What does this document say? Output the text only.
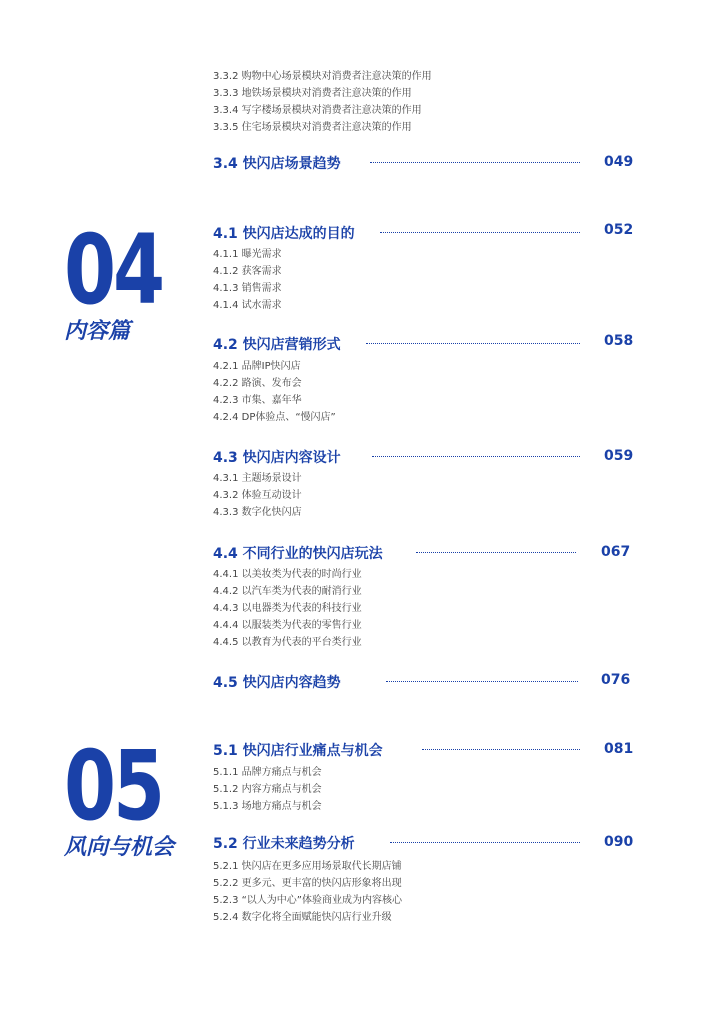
3.3.2 购物中心场景模块对消费者注意决策的作用
3.3.3 地铁场景模块对消费者注意决策的作用
3.3.4 写字楼场景模块对消费者注意决策的作用
3.3.5 住宅场景模块对消费者注意决策的作用
3.4 快闪店场景趋势	049
04
内容篇
4.1 快闪店达成的目的	052
4.1.1 曝光需求
4.1.2 获客需求
4.1.3 销售需求
4.1.4 试水需求
4.2 快闪店营销形式	058
4.2.1 品牌IP快闪店
4.2.2 路演、发布会
4.2.3 市集、嘉年华
4.2.4 DP体验点、“慢闪店”
4.3 快闪店内容设计	059
4.3.1 主题场景设计
4.3.2 体验互动设计
4.3.3 数字化快闪店
4.4 不同行业的快闪店玩法	067
4.4.1 以美妆类为代表的时尚行业
4.4.2 以汽车类为代表的耐消行业
4.4.3 以电器类为代表的科技行业
4.4.4 以服装类为代表的零售行业
4.4.5 以教育为代表的平台类行业
4.5 快闪店内容趋势	076
05
风向与机会
5.1 快闪店行业痛点与机会	081
5.1.1 品牌方痛点与机会
5.1.2 内容方痛点与机会
5.1.3 场地方痛点与机会
5.2 行业未来趋势分析	090
5.2.1 快闪店在更多应用场景取代长期店铺
5.2.2 更多元、更丰富的快闪店形象将出现
5.2.3 “以人为中心”体验商业成为内容核心
5.2.4 数字化将全面赋能快闪店行业升级
